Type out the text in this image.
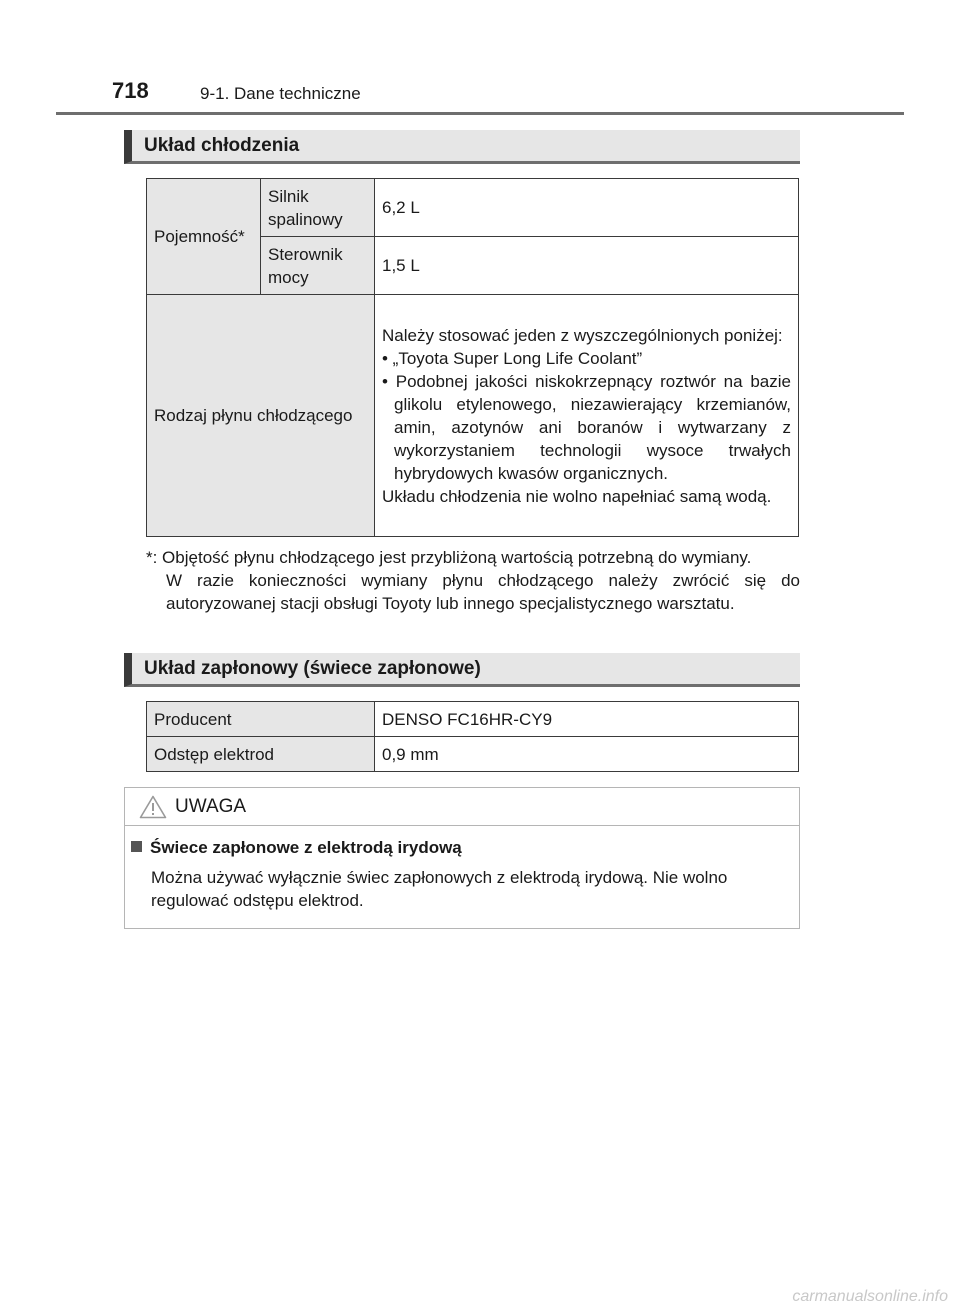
718	9-1. Dane techniczne
Układ chłodzenia
Pojemność*	Silnik spalinowy	6,2 L
	Sterownik mocy	1,5 L
Rodzaj płynu chłodzącego		Należy stosować jeden z wyszczególnionych poniżej:
• „Toyota Super Long Life Coolant”
• Podobnej jakości niskokrzepnący roztwór na bazie glikolu etylenowego, niezawierający krzemianów, amin, azotynów ani boranów i wytwarzany z wykorzystaniem technologii wysoce trwałych hybrydowych kwasów organicznych.
Układu chłodzenia nie wolno napełniać samą wodą.
*: Objętość płynu chłodzącego jest przybliżoną wartością potrzebną do wymiany.
W razie konieczności wymiany płynu chłodzącego należy zwrócić się do autoryzowanej stacji obsługi Toyoty lub innego specjalistycznego warsztatu.
Układ zapłonowy (świece zapłonowe)
Producent	DENSO FC16HR-CY9
Odstęp elektrod	0,9 mm
UWAGA
Świece zapłonowe z elektrodą irydową
Można używać wyłącznie świec zapłonowych z elektrodą irydową. Nie wolno regulować odstępu elektrod.
carmanualsonline.info
